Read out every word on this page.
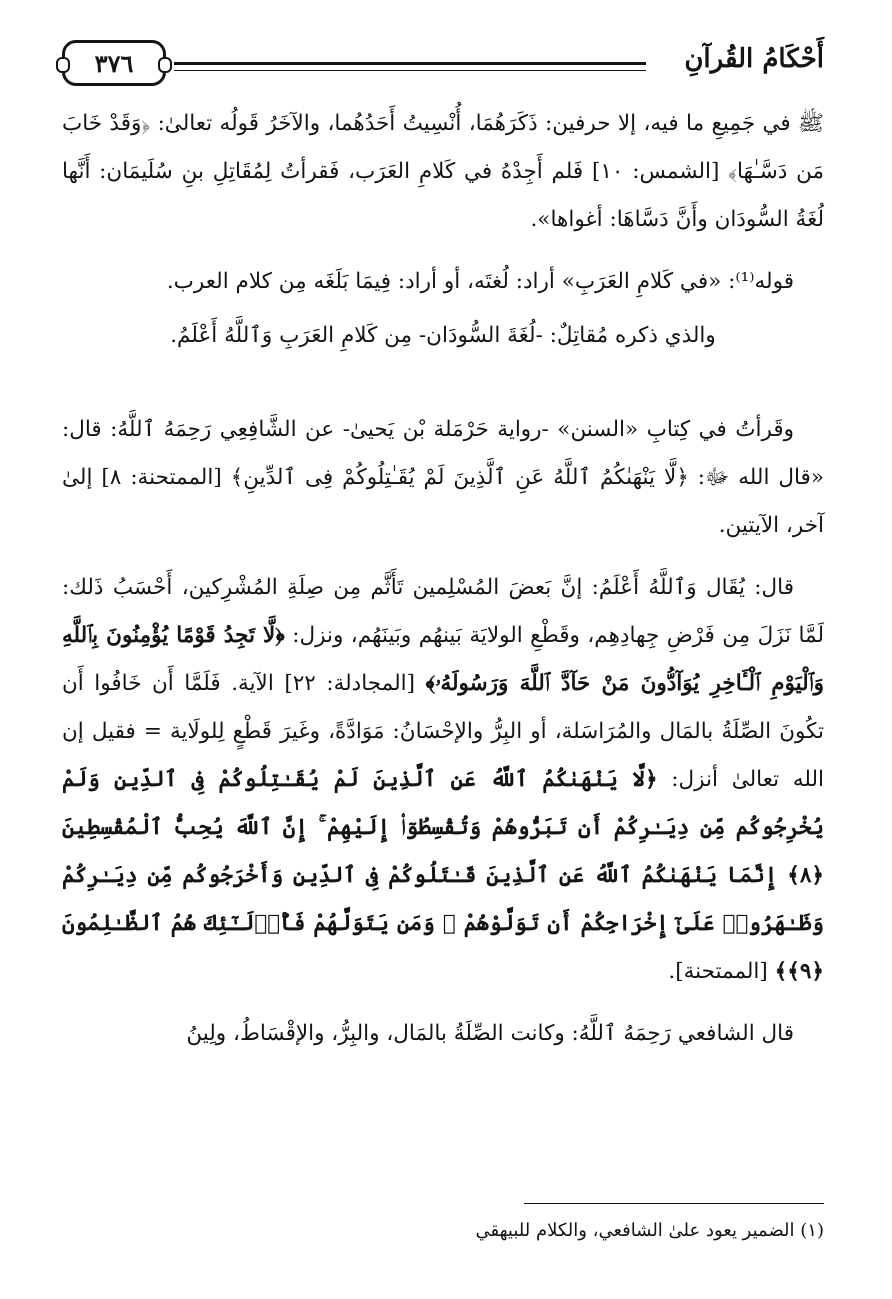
أَحْكَامُ القُرآنِ
٣٧٦

ﷺ في جَمِيعِ ما فيه، إلا حرفين: ذَكَرَهُمَا، أُنْسِيتُ أَحَدُهُما، والآخَرُ قَولُه تعالىٰ: ﴿وَقَدْ خَابَ مَن دَسَّـٰهَا﴾ [الشمس: ١٠] فَلم أَجِدْهُ في كَلامِ العَرَب، فَقرأتُ لِمُقَاتِلِ بنِ سُلَيمَان: أَنَّها لُغَةُ السُّودَان وأَنَّ دَسَّاهَا: أغواها».

قوله⁽¹⁾: «في كَلامِ العَرَبِ» أراد: لُغتَه، أو أراد: فِيمَا بَلَغَه مِن كلام العرب.

والذي ذكره مُقاتِلٌ: -لُغَةَ السُّودَان- مِن كَلامِ العَرَبِ وَٱللَّهُ أَعْلَمُ.

وقَرأتُ في كِتابِ «السنن» -رواية حَرْمَلة بْن يَحيىٰ- عن الشَّافِعِي رَحِمَهُ ٱللَّهُ: قال: «قال الله ﷻ: ﴿لَّا يَنْهَىٰكُمُ ٱللَّهُ عَنِ ٱلَّذِينَ لَمْ يُقَـٰتِلُوكُمْ فِى ٱلدِّينِ﴾ [الممتحنة: ٨] إلىٰ آخر، الآيتين.

قال: يُقَال وَٱللَّهُ أَعْلَمُ: إنَّ بَعضَ المُسْلِمين تَأَثَّم مِن صِلَةِ المُشْرِكين، أَحْسَبُ ذَلك: لَمَّا نَزَلَ مِن فَرْضِ جِهادِهِم، وقَطْعِ الولايَة بَينهُم وبَينَهُم، ونزل: ﴿لَّا تَجِدُ قَوْمًا يُؤْمِنُونَ بِٱللَّهِ وَٱلْيَوْمِ ٱلْـَٔاخِرِ يُوَآدُّونَ مَنْ حَآدَّ ٱللَّهَ وَرَسُولَهُۥ﴾ [المجادلة: ٢٢] الآية. فَلَمَّا أَن خَافُوا أَن تكُونَ الصِّلَةُ بالمَال والمُرَاسَلة، أو البِرُّ والإحْسَانُ: مَوَادَّةً، وغَيرَ قَطْعٍ لِلولَاية = فقيل إن الله تعالىٰ أنزل: ﴿لَّا يَنْهَىٰكُمُ ٱللَّهُ عَنِ ٱلَّذِينَ لَمْ يُقَـٰتِلُوكُمْ فِى ٱلدِّينِ وَلَمْ يُخْرِجُوكُم مِّن دِيَـٰرِكُمْ أَن تَبَرُّوهُمْ وَتُقْسِطُوٓا۟ إِلَيْهِمْ ۚ إِنَّ ٱللَّهَ يُحِبُّ ٱلْمُقْسِطِينَ ﴿٨﴾ إِنَّمَا يَنْهَىٰكُمُ ٱللَّهُ عَنِ ٱلَّذِينَ قَـٰتَلُوكُمْ فِى ٱلدِّينِ وَأَخْرَجُوكُم مِّن دِيَـٰرِكُمْ وَظَـٰهَرُوا۟ عَلَىٰٓ إِخْرَاجِكُمْ أَن تَوَلَّوْهُمْ ۚ وَمَن يَتَوَلَّهُمْ فَأُو۟لَـٰٓئِكَ هُمُ ٱلظَّـٰلِمُونَ ﴿٩﴾﴾ [الممتحنة].

قال الشافعي رَحِمَهُ ٱللَّهُ: وكانت الصِّلَةُ بالمَال، والبِرُّ، والإقْسَاطُ، ولِينُ

(١) الضمير يعود علىٰ الشافعي، والكلام للبيهقي
